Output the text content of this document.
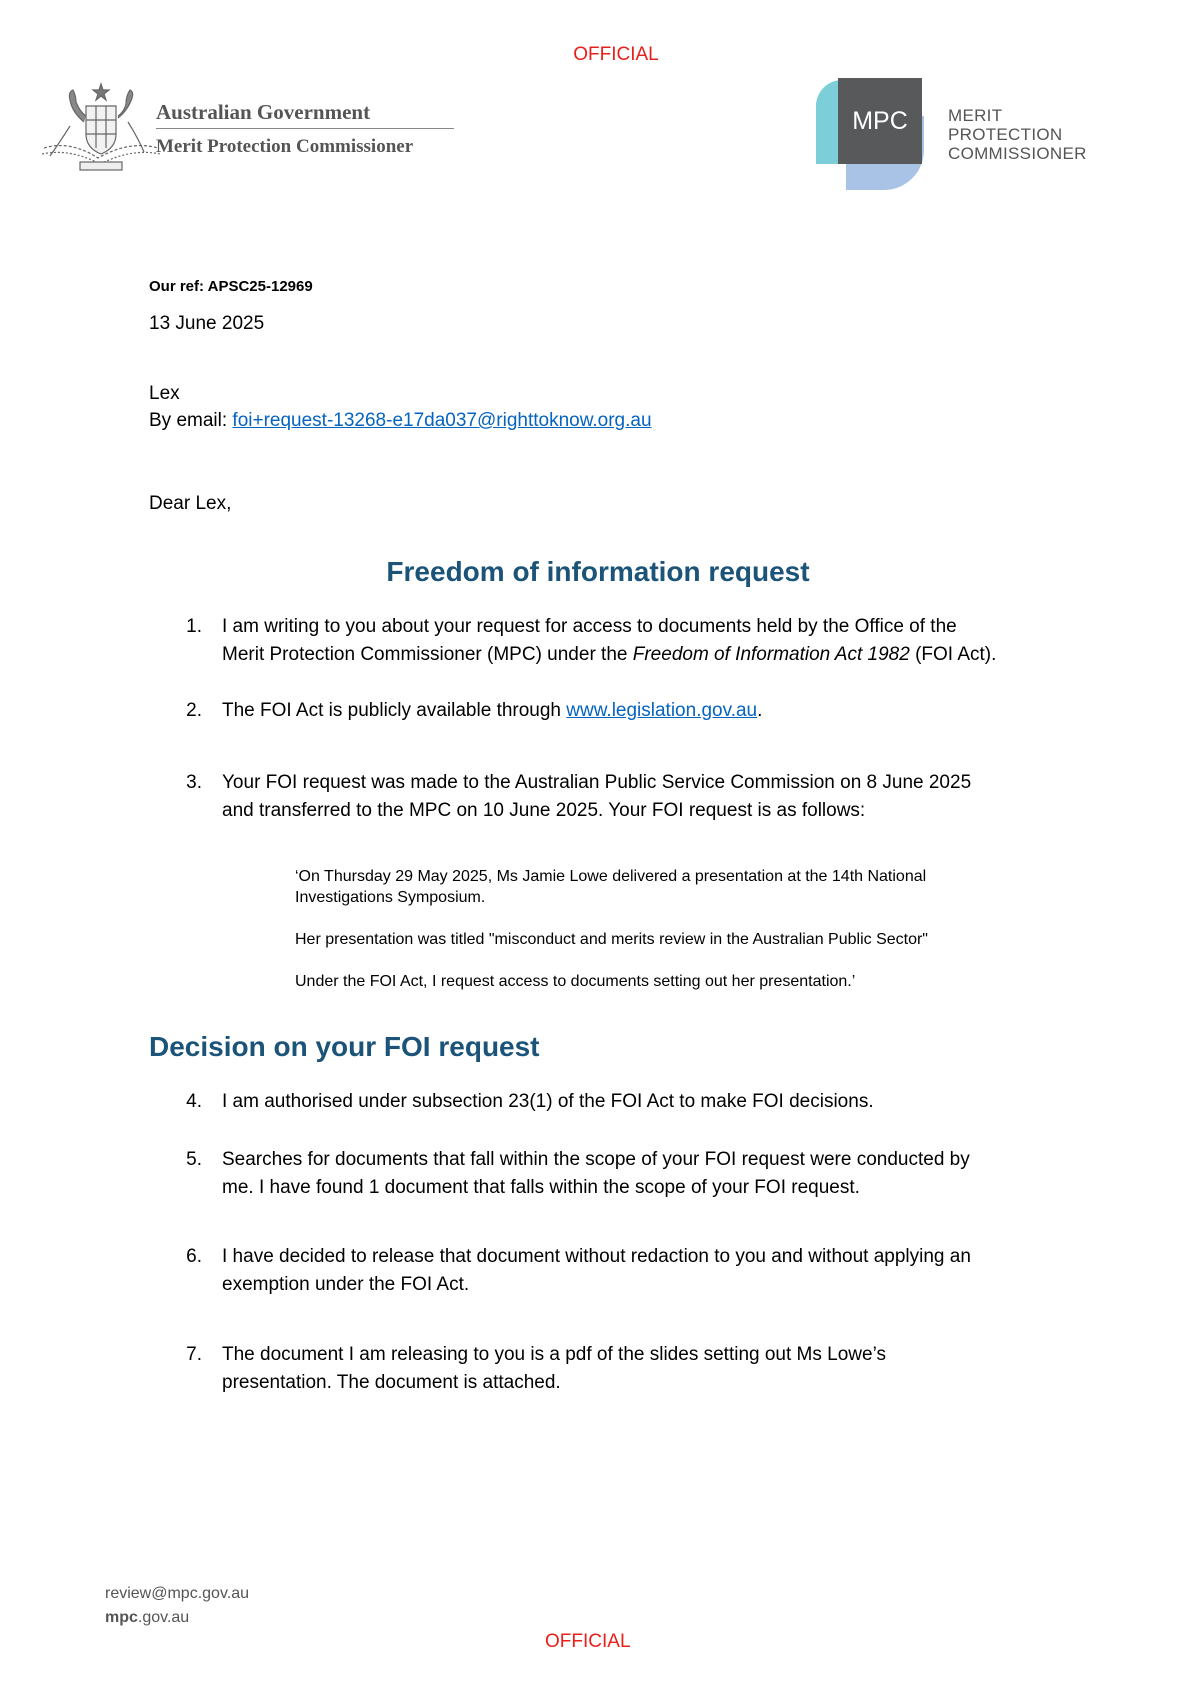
OFFICIAL
Australian Government
Merit Protection Commissioner
MPC	MERIT
PROTECTION
COMMISSIONER
Our ref: APSC25-12969
13 June 2025
Lex
By email: foi+request-13268-e17da037@righttoknow.org.au
Dear Lex,
Freedom of information request
1. I am writing to you about your request for access to documents held by the Office of the
Merit Protection Commissioner (MPC) under the Freedom of Information Act 1982 (FOI Act).
2. The FOI Act is publicly available through www.legislation.gov.au.
3. Your FOI request was made to the Australian Public Service Commission on 8 June 2025
and transferred to the MPC on 10 June 2025. Your FOI request is as follows:
‘On Thursday 29 May 2025, Ms Jamie Lowe delivered a presentation at the 14th National
Investigations Symposium.
Her presentation was titled "misconduct and merits review in the Australian Public Sector"
Under the FOI Act, I request access to documents setting out her presentation.’
Decision on your FOI request
4. I am authorised under subsection 23(1) of the FOI Act to make FOI decisions.
5. Searches for documents that fall within the scope of your FOI request were conducted by
me. I have found 1 document that falls within the scope of your FOI request.
6. I have decided to release that document without redaction to you and without applying an
exemption under the FOI Act.
7. The document I am releasing to you is a pdf of the slides setting out Ms Lowe’s
presentation. The document is attached.
review@mpc.gov.au
mpc.gov.au
OFFICIAL
